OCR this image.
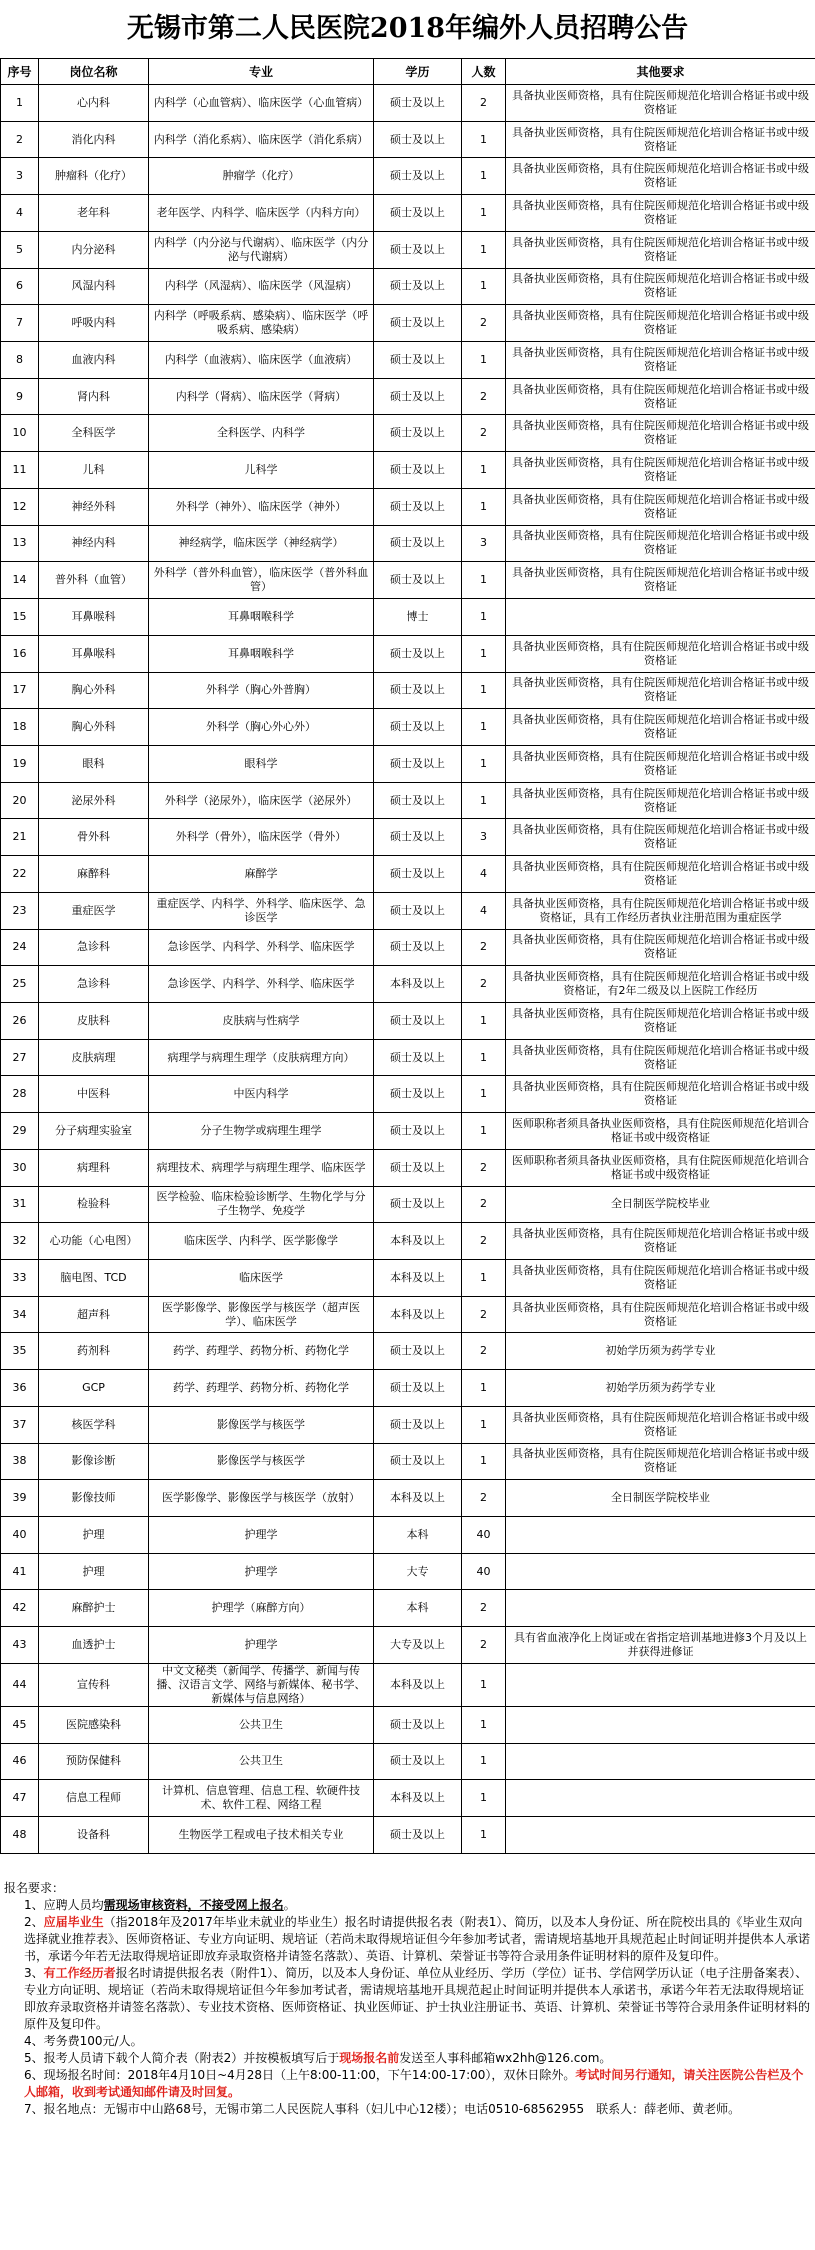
无锡市第二人民医院2018年编外人员招聘公告
序号	岗位名称	专业	学历	人数	其他要求
1	心内科	内科学（心血管病）、临床医学（心血管病）	硕士及以上	2	具备执业医师资格，具有住院医师规范化培训合格证书或中级资格证
2	消化内科	内科学（消化系病）、临床医学（消化系病）	硕士及以上	1	具备执业医师资格，具有住院医师规范化培训合格证书或中级资格证
3	肿瘤科（化疗）	肿瘤学（化疗）	硕士及以上	1	具备执业医师资格，具有住院医师规范化培训合格证书或中级资格证
4	老年科	老年医学、内科学、临床医学（内科方向）	硕士及以上	1	具备执业医师资格，具有住院医师规范化培训合格证书或中级资格证
5	内分泌科	内科学（内分泌与代谢病）、临床医学（内分泌与代谢病）	硕士及以上	1	具备执业医师资格，具有住院医师规范化培训合格证书或中级资格证
6	风湿内科	内科学（风湿病）、临床医学（风湿病）	硕士及以上	1	具备执业医师资格，具有住院医师规范化培训合格证书或中级资格证
7	呼吸内科	内科学（呼吸系病、感染病）、临床医学（呼吸系病、感染病）	硕士及以上	2	具备执业医师资格，具有住院医师规范化培训合格证书或中级资格证
8	血液内科	内科学（血液病）、临床医学（血液病）	硕士及以上	1	具备执业医师资格，具有住院医师规范化培训合格证书或中级资格证
9	肾内科	内科学（肾病）、临床医学（肾病）	硕士及以上	2	具备执业医师资格，具有住院医师规范化培训合格证书或中级资格证
10	全科医学	全科医学、内科学	硕士及以上	2	具备执业医师资格，具有住院医师规范化培训合格证书或中级资格证
11	儿科	儿科学	硕士及以上	1	具备执业医师资格，具有住院医师规范化培训合格证书或中级资格证
12	神经外科	外科学（神外）、临床医学（神外）	硕士及以上	1	具备执业医师资格，具有住院医师规范化培训合格证书或中级资格证
13	神经内科	神经病学，临床医学（神经病学）	硕士及以上	3	具备执业医师资格，具有住院医师规范化培训合格证书或中级资格证
14	普外科（血管）	外科学（普外科血管），临床医学（普外科血管）	硕士及以上	1	具备执业医师资格，具有住院医师规范化培训合格证书或中级资格证
15	耳鼻喉科	耳鼻咽喉科学	博士	1	
16	耳鼻喉科	耳鼻咽喉科学	硕士及以上	1	具备执业医师资格，具有住院医师规范化培训合格证书或中级资格证
17	胸心外科	外科学（胸心外普胸）	硕士及以上	1	具备执业医师资格，具有住院医师规范化培训合格证书或中级资格证
18	胸心外科	外科学（胸心外心外）	硕士及以上	1	具备执业医师资格，具有住院医师规范化培训合格证书或中级资格证
19	眼科	眼科学	硕士及以上	1	具备执业医师资格，具有住院医师规范化培训合格证书或中级资格证
20	泌尿外科	外科学（泌尿外），临床医学（泌尿外）	硕士及以上	1	具备执业医师资格，具有住院医师规范化培训合格证书或中级资格证
21	骨外科	外科学（骨外），临床医学（骨外）	硕士及以上	3	具备执业医师资格，具有住院医师规范化培训合格证书或中级资格证
22	麻醉科	麻醉学	硕士及以上	4	具备执业医师资格，具有住院医师规范化培训合格证书或中级资格证
23	重症医学	重症医学、内科学、外科学、临床医学、急诊医学	硕士及以上	4	具备执业医师资格，具有住院医师规范化培训合格证书或中级资格证，具有工作经历者执业注册范围为重症医学
24	急诊科	急诊医学、内科学、外科学、临床医学	硕士及以上	2	具备执业医师资格，具有住院医师规范化培训合格证书或中级资格证
25	急诊科	急诊医学、内科学、外科学、临床医学	本科及以上	2	具备执业医师资格，具有住院医师规范化培训合格证书或中级资格证，有2年二级及以上医院工作经历
26	皮肤科	皮肤病与性病学	硕士及以上	1	具备执业医师资格，具有住院医师规范化培训合格证书或中级资格证
27	皮肤病理	病理学与病理生理学（皮肤病理方向）	硕士及以上	1	具备执业医师资格，具有住院医师规范化培训合格证书或中级资格证
28	中医科	中医内科学	硕士及以上	1	具备执业医师资格，具有住院医师规范化培训合格证书或中级资格证
29	分子病理实验室	分子生物学或病理生理学	硕士及以上	1	医师职称者须具备执业医师资格，具有住院医师规范化培训合格证书或中级资格证
30	病理科	病理技术、病理学与病理生理学、临床医学	硕士及以上	2	医师职称者须具备执业医师资格，具有住院医师规范化培训合格证书或中级资格证
31	检验科	医学检验、临床检验诊断学、生物化学与分子生物学、免疫学	硕士及以上	2	全日制医学院校毕业
32	心功能（心电图）	临床医学、内科学、医学影像学	本科及以上	2	具备执业医师资格，具有住院医师规范化培训合格证书或中级资格证
33	脑电图、TCD	临床医学	本科及以上	1	具备执业医师资格，具有住院医师规范化培训合格证书或中级资格证
34	超声科	医学影像学、影像医学与核医学（超声医学）、临床医学	本科及以上	2	具备执业医师资格，具有住院医师规范化培训合格证书或中级资格证
35	药剂科	药学、药理学、药物分析、药物化学	硕士及以上	2	初始学历须为药学专业
36	GCP	药学、药理学、药物分析、药物化学	硕士及以上	1	初始学历须为药学专业
37	核医学科	影像医学与核医学	硕士及以上	1	具备执业医师资格，具有住院医师规范化培训合格证书或中级资格证
38	影像诊断	影像医学与核医学	硕士及以上	1	具备执业医师资格，具有住院医师规范化培训合格证书或中级资格证
39	影像技师	医学影像学、影像医学与核医学（放射）	本科及以上	2	全日制医学院校毕业
40	护理	护理学	本科	40	
41	护理	护理学	大专	40	
42	麻醉护士	护理学（麻醉方向）	本科	2	
43	血透护士	护理学	大专及以上	2	具有省血液净化上岗证或在省指定培训基地进修3个月及以上并获得进修证
44	宣传科	中文文秘类（新闻学、传播学、新闻与传播、汉语言文学、网络与新媒体、秘书学、新媒体与信息网络）	本科及以上	1	
45	医院感染科	公共卫生	硕士及以上	1	
46	预防保健科	公共卫生	硕士及以上	1	
47	信息工程师	计算机、信息管理、信息工程、软硬件技术、软件工程、网络工程	本科及以上	1	
48	设备科	生物医学工程或电子技术相关专业	硕士及以上	1	

报名要求：

1、应聘人员均需现场审核资料，不接受网上报名。

2、应届毕业生（指2018年及2017年毕业未就业的毕业生）报名时请提供报名表（附表1）、简历，以及本人身份证、所在院校出具的《毕业生双向选择就业推荐表》、医师资格证、专业方向证明、规培证（若尚未取得规培证但今年参加考试者，需请规培基地开具规范起止时间证明并提供本人承诺书，承诺今年若无法取得规培证即放弃录取资格并请签名落款）、英语、计算机、荣誉证书等符合录用条件证明材料的原件及复印件。

3、有工作经历者报名时请提供报名表（附件1）、简历，以及本人身份证、单位从业经历、学历（学位）证书、学信网学历认证（电子注册备案表）、专业方向证明、规培证（若尚未取得规培证但今年参加考试者，需请规培基地开具规范起止时间证明并提供本人承诺书，承诺今年若无法取得规培证即放弃录取资格并请签名落款）、专业技术资格、医师资格证、执业医师证、护士执业注册证书、英语、计算机、荣誉证书等符合录用条件证明材料的原件及复印件。

4、考务费100元/人。

5、报考人员请下载个人简介表（附表2）并按模板填写后于现场报名前发送至人事科邮箱wx2hh@126.com。

6、现场报名时间：2018年4月10日~4月28日（上午8:00-11:00，下午14:00-17:00），双休日除外。考试时间另行通知，请关注医院公告栏及个人邮箱，收到考试通知邮件请及时回复。

7、报名地点：无锡市中山路68号，无锡市第二人民医院人事科（妇儿中心12楼）；电话0510-68562955　联系人：薛老师、黄老师。
